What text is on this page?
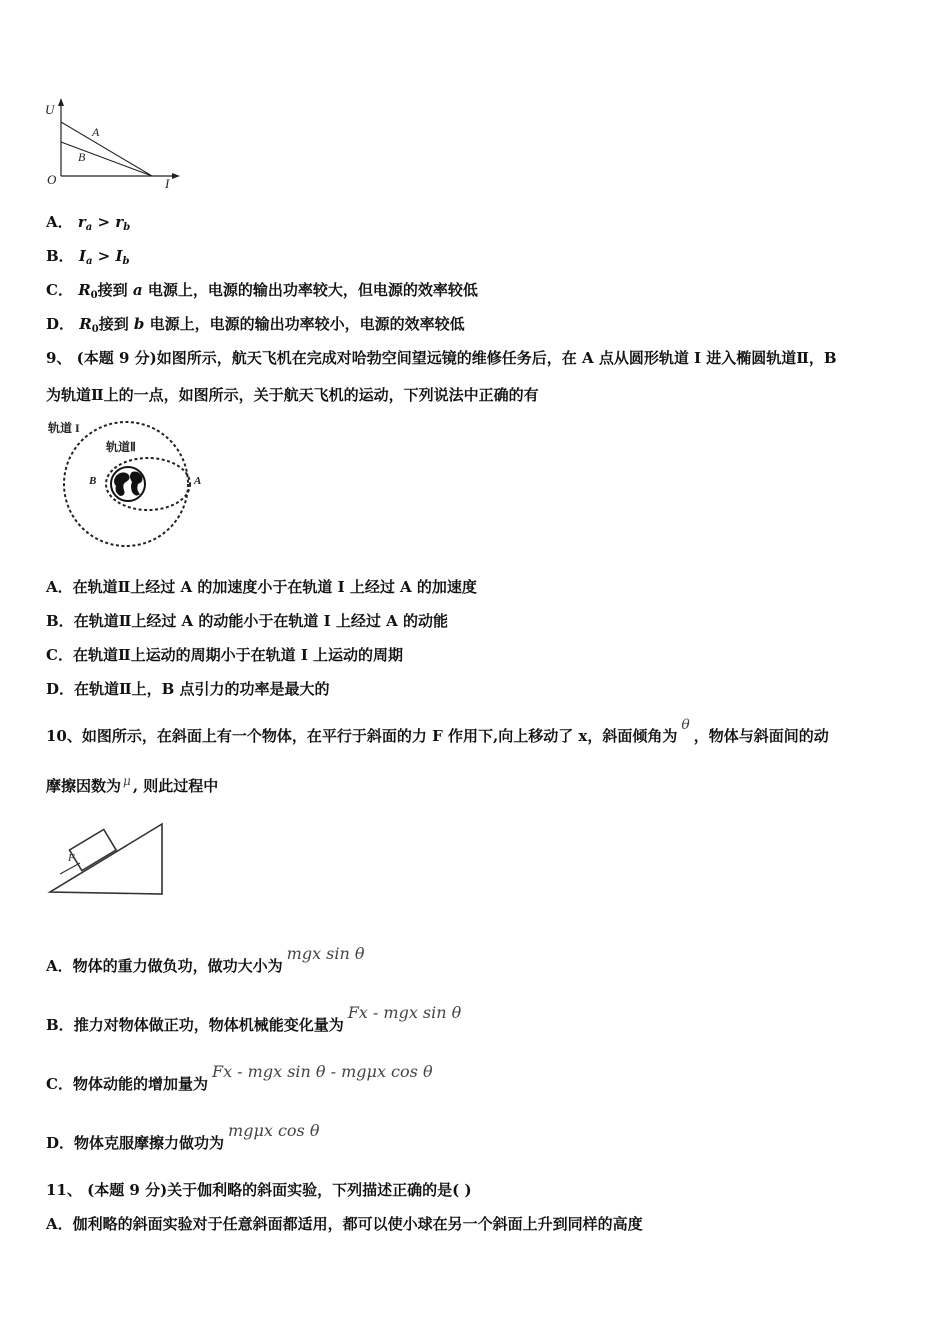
U
I
O
A
B
A． $r_a > r_b$
B． $I_a > I_b$
C． $R_0$接到 a 电源上，电源的输出功率较大，但电源的效率较低
D． $R_0$接到 b 电源上，电源的输出功率较小，电源的效率较低
9、 (本题 9 分)如图所示，航天飞机在完成对哈勃空间望远镜的维修任务后，在 A 点从圆形轨道 I 进入椭圆轨道Ⅱ，B
为轨道Ⅱ上的一点，如图所示，关于航天飞机的运动，下列说法中正确的有
轨道 I
轨道Ⅱ
A
B
A．在轨道Ⅱ上经过 A 的加速度小于在轨道 I 上经过 A 的加速度
B．在轨道Ⅱ上经过 A 的动能小于在轨道 I 上经过 A 的动能
C．在轨道Ⅱ上运动的周期小于在轨道 I 上运动的周期
D．在轨道Ⅱ上，B 点引力的功率是最大的
10、如图所示，在斜面上有一个物体，在平行于斜面的力 F 作用下,向上移动了 x，斜面倾角为θ，物体与斜面间的动
摩擦因数为 $^\mu$ , 则此过程中
F
A．物体的重力做负功，做功大小为mgx sin θ
B．推力对物体做正功，物体机械能变化量为Fx - mgx sin θ
C．物体动能的增加量为Fx - mgx sin θ - mgμx cos θ
D．物体克服摩擦力做功为mgμx cos θ
11、 (本题 9 分)关于伽利略的斜面实验，下列描述正确的是( )
A．伽利略的斜面实验对于任意斜面都适用，都可以使小球在另一个斜面上升到同样的高度
